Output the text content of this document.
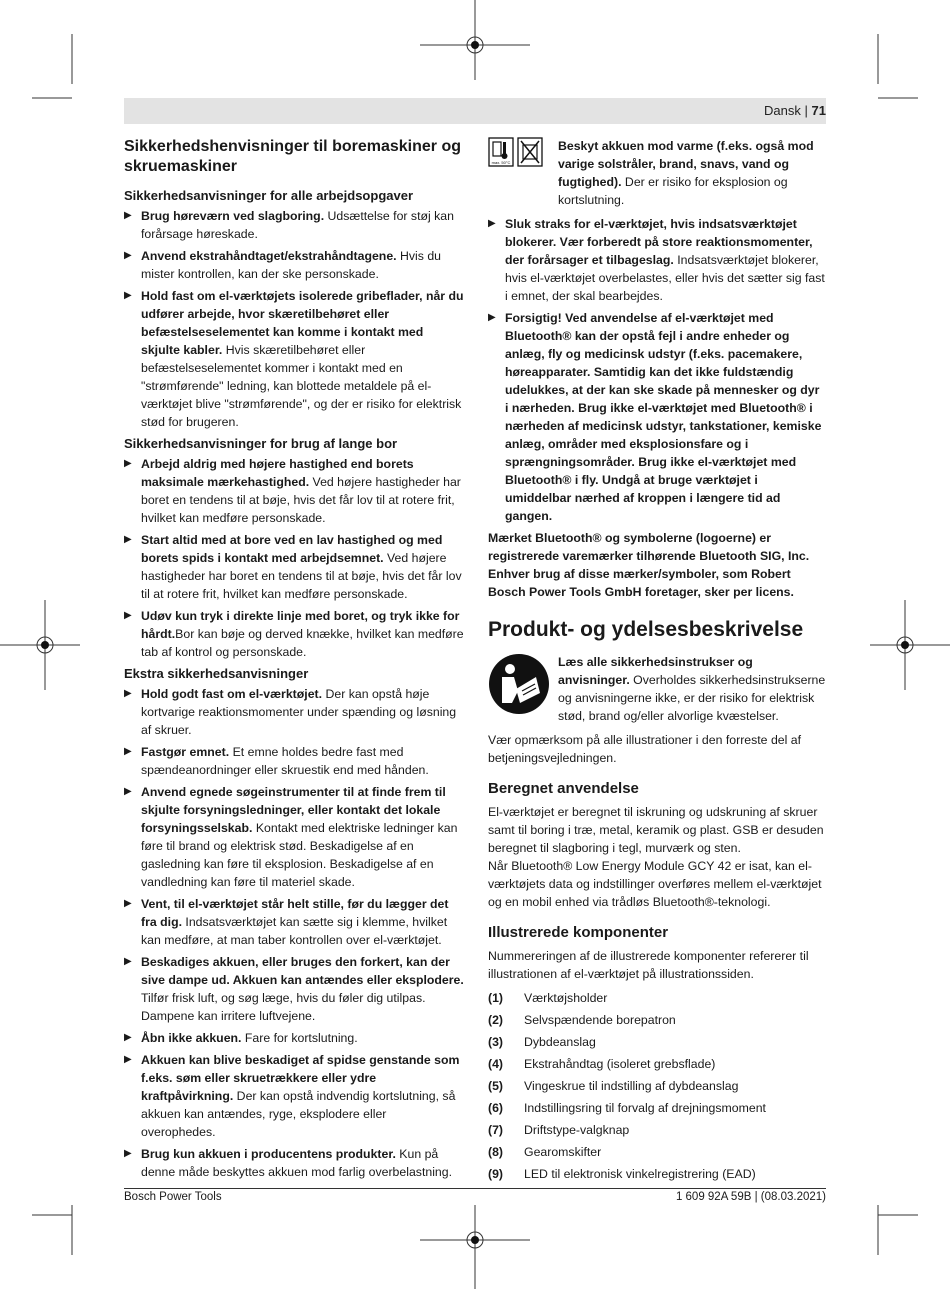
Dansk | 71
Sikkerhedshenvisninger til boremaskiner og skruemaskiner
Sikkerhedsanvisninger for alle arbejdsopgaver
▶ Brug høreværn ved slagboring. Udsættelse for støj kan forårsage høreskade.
▶ Anvend ekstrahåndtaget/ekstrahåndtagene. Hvis du mister kontrollen, kan der ske personskade.
▶ Hold fast om el-værktøjets isolerede gribeflader, når du udfører arbejde, hvor skæretilbehøret eller befæstelseselementet kan komme i kontakt med skjulte kabler. Hvis skæretilbehøret eller befæstelseselementet kommer i kontakt med en "strømførende" ledning, kan blottede metaldele på el-værktøjet blive "strømførende", og der er risiko for elektrisk stød for brugeren.
Sikkerhedsanvisninger for brug af lange bor
▶ Arbejd aldrig med højere hastighed end borets maksimale mærkehastighed. Ved højere hastigheder har boret en tendens til at bøje, hvis det får lov til at rotere frit, hvilket kan medføre personskade.
▶ Start altid med at bore ved en lav hastighed og med borets spids i kontakt med arbejdsemnet. Ved højere hastigheder har boret en tendens til at bøje, hvis det får lov til at rotere frit, hvilket kan medføre personskade.
▶ Udøv kun tryk i direkte linje med boret, og tryk ikke for hårdt.Bor kan bøje og derved knække, hvilket kan medføre tab af kontrol og personskade.
Ekstra sikkerhedsanvisninger
▶ Hold godt fast om el-værktøjet. Der kan opstå høje kortvarige reaktionsmomenter under spænding og løsning af skruer.
▶ Fastgør emnet. Et emne holdes bedre fast med spændeanordninger eller skruestik end med hånden.
▶ Anvend egnede søgeinstrumenter til at finde frem til skjulte forsyningsledninger, eller kontakt det lokale forsyningsselskab. Kontakt med elektriske ledninger kan føre til brand og elektrisk stød. Beskadigelse af en gasledning kan føre til eksplosion. Beskadigelse af en vandledning kan føre til materiel skade.
▶ Vent, til el-værktøjet står helt stille, før du lægger det fra dig. Indsatsværktøjet kan sætte sig i klemme, hvilket kan medføre, at man taber kontrollen over el-værktøjet.
▶ Beskadiges akkuen, eller bruges den forkert, kan der sive dampe ud. Akkuen kan antændes eller eksplodere. Tilfør frisk luft, og søg læge, hvis du føler dig utilpas. Dampene kan irritere luftvejene.
▶ Åbn ikke akkuen. Fare for kortslutning.
▶ Akkuen kan blive beskadiget af spidse genstande som f.eks. søm eller skruetrækkere eller ydre kraftpåvirkning. Der kan opstå indvendig kortslutning, så akkuen kan antændes, ryge, eksplodere eller overophedes.
▶ Brug kun akkuen i producentens produkter. Kun på denne måde beskyttes akkuen mod farlig overbelastning.
max. 50°C

Beskyt akkuen mod varme (f.eks. også mod varige solstråler, brand, snavs, vand og fugtighed). Der er risiko for eksplosion og kortslutning.
▶ Sluk straks for el-værktøjet, hvis indsatsværktøjet blokerer. Vær forberedt på store reaktionsmomenter, der forårsager et tilbageslag. Indsatsværktøjet blokerer, hvis el-værktøjet overbelastes, eller hvis det sætter sig fast i emnet, der skal bearbejdes.
▶ Forsigtig! Ved anvendelse af el-værktøjet med Bluetooth® kan der opstå fejl i andre enheder og anlæg, fly og medicinsk udstyr (f.eks. pacemakere, høreapparater. Samtidig kan det ikke fuldstændig udelukkes, at der kan ske skade på mennesker og dyr i nærheden. Brug ikke el-værktøjet med Bluetooth® i nærheden af medicinsk udstyr, tankstationer, kemiske anlæg, områder med eksplosionsfare og i sprængningsområder. Brug ikke el-værktøjet med Bluetooth® i fly. Undgå at bruge værktøjet i umiddelbar nærhed af kroppen i længere tid ad gangen.

Mærket Bluetooth® og symbolerne (logoerne) er registrerede varemærker tilhørende Bluetooth SIG, Inc. Enhver brug af disse mærker/symboler, som Robert Bosch Power Tools GmbH foretager, sker per licens.

Produkt- og ydelsesbeskrivelse
Læs alle sikkerhedsinstrukser og anvisninger. Overholdes sikkerhedsinstrukserne og anvisningerne ikke, er der risiko for elektrisk stød, brand og/eller alvorlige kvæstelser.

Vær opmærksom på alle illustrationer i den forreste del af betjeningsvejledningen.

Beregnet anvendelse

El-værktøjet er beregnet til iskruning og udskruning af skruer samt til boring i træ, metal, keramik og plast. GSB er desuden beregnet til slagboring i tegl, murværk og sten.

Når Bluetooth® Low Energy Module GCY 42 er isat, kan el-værktøjets data og indstillinger overføres mellem el-værktøjet og en mobil enhed via trådløs Bluetooth®-teknologi.

Illustrerede komponenter

Nummereringen af de illustrerede komponenter refererer til illustrationen af el-værktøjet på illustrationssiden.

(1)	Værktøjsholder
(2)	Selvspændende borepatron
(3)	Dybdeanslag
(4)	Ekstrahåndtag (isoleret grebsflade)
(5)	Vingeskrue til indstilling af dybdeanslag
(6)	Indstillingsring til forvalg af drejningsmoment
(7)	Driftstype-valgknap
(8)	Gearomskifter
(9)	LED til elektronisk vinkelregistrering (EAD)
Bosch Power Tools	1 609 92A 59B | (08.03.2021)
